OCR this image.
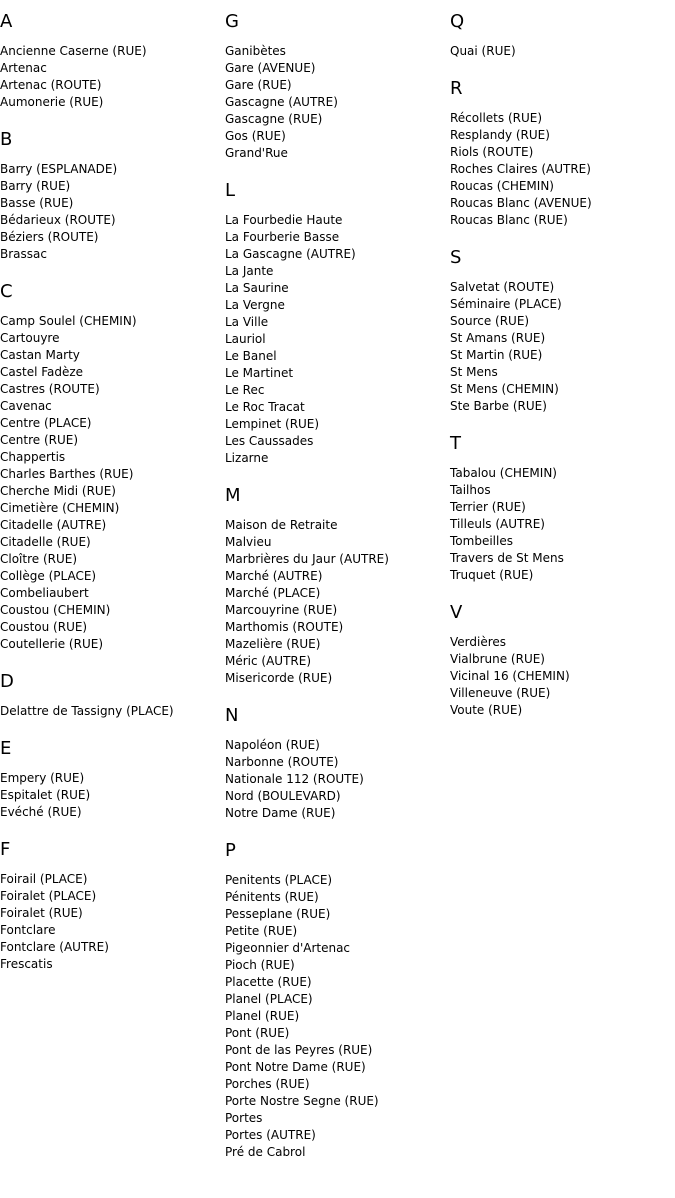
A
Ancienne Caserne (RUE)
Artenac
Artenac (ROUTE)
Aumonerie (RUE)
B
Barry (ESPLANADE)
Barry (RUE)
Basse (RUE)
Bédarieux (ROUTE)
Béziers (ROUTE)
Brassac
C
Camp Soulel (CHEMIN)
Cartouyre
Castan Marty
Castel Fadèze
Castres (ROUTE)
Cavenac
Centre (PLACE)
Centre (RUE)
Chappertis
Charles Barthes (RUE)
Cherche Midi (RUE)
Cimetière (CHEMIN)
Citadelle (AUTRE)
Citadelle (RUE)
Cloître (RUE)
Collège (PLACE)
Combeliaubert
Coustou (CHEMIN)
Coustou (RUE)
Coutellerie (RUE)
D
Delattre de Tassigny (PLACE)
E
Empery (RUE)
Espitalet (RUE)
Evéché (RUE)
F
Foirail (PLACE)
Foiralet (PLACE)
Foiralet (RUE)
Fontclare
Fontclare (AUTRE)
Frescatis
G
Ganibètes
Gare (AVENUE)
Gare (RUE)
Gascagne (AUTRE)
Gascagne (RUE)
Gos (RUE)
Grand'Rue
L
La Fourbedie Haute
La Fourberie Basse
La Gascagne (AUTRE)
La Jante
La Saurine
La Vergne
La Ville
Lauriol
Le Banel
Le Martinet
Le Rec
Le Roc Tracat
Lempinet (RUE)
Les Caussades
Lizarne
M
Maison de Retraite
Malvieu
Marbrières du Jaur (AUTRE)
Marché (AUTRE)
Marché (PLACE)
Marcouyrine (RUE)
Marthomis (ROUTE)
Mazelière (RUE)
Méric (AUTRE)
Misericorde (RUE)
N
Napoléon (RUE)
Narbonne (ROUTE)
Nationale 112 (ROUTE)
Nord (BOULEVARD)
Notre Dame (RUE)
P
Penitents (PLACE)
Pénitents (RUE)
Pesseplane (RUE)
Petite (RUE)
Pigeonnier d'Artenac
Pioch (RUE)
Placette (RUE)
Planel (PLACE)
Planel (RUE)
Pont (RUE)
Pont de las Peyres (RUE)
Pont Notre Dame (RUE)
Porches (RUE)
Porte Nostre Segne (RUE)
Portes
Portes (AUTRE)
Pré de Cabrol
Q
Quai (RUE)
R
Récollets (RUE)
Resplandy (RUE)
Riols (ROUTE)
Roches Claires (AUTRE)
Roucas (CHEMIN)
Roucas Blanc (AVENUE)
Roucas Blanc (RUE)
S
Salvetat (ROUTE)
Séminaire (PLACE)
Source (RUE)
St Amans (RUE)
St Martin (RUE)
St Mens
St Mens (CHEMIN)
Ste Barbe (RUE)
T
Tabalou (CHEMIN)
Tailhos
Terrier (RUE)
Tilleuls (AUTRE)
Tombeilles
Travers de St Mens
Truquet (RUE)
V
Verdières
Vialbrune (RUE)
Vicinal 16 (CHEMIN)
Villeneuve (RUE)
Voute (RUE)
